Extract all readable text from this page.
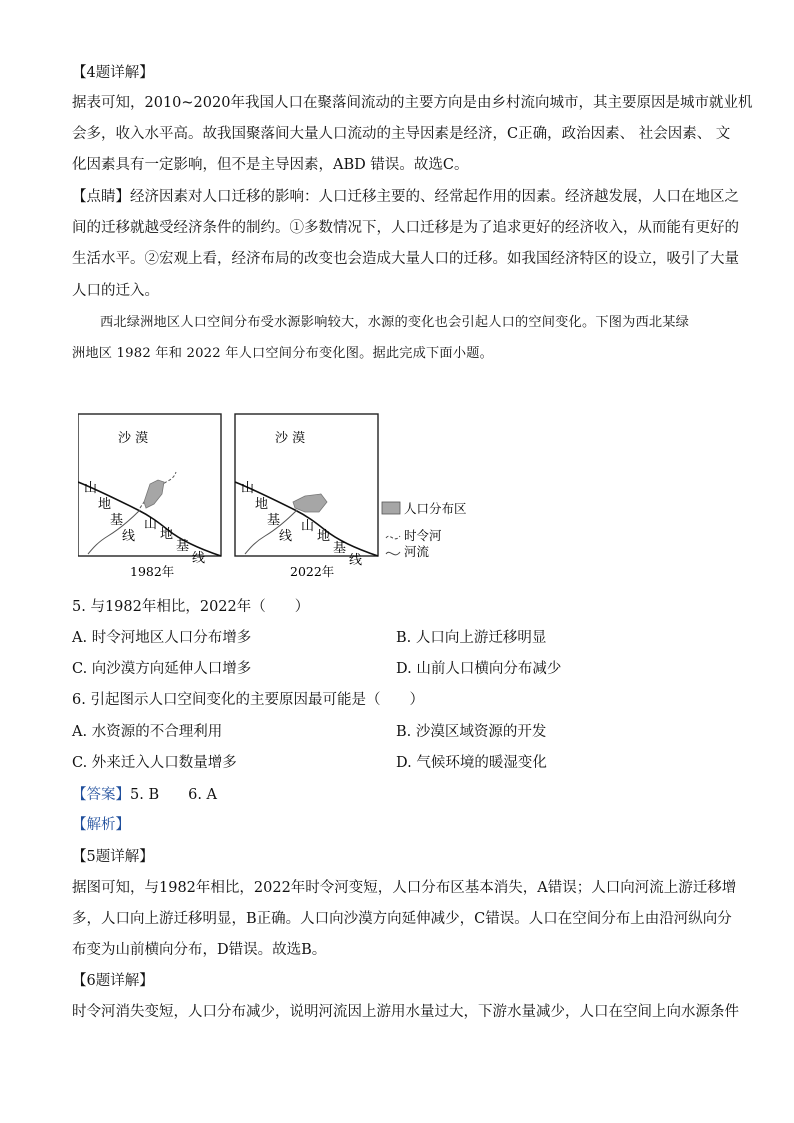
【4题详解】
据表可知，2010~2020年我国人口在聚落间流动的主要方向是由乡村流向城市，其主要原因是城市就业机
会多，收入水平高。故我国聚落间大量人口流动的主导因素是经济，C正确，政治因素、 社会因素、 文
化因素具有一定影响，但不是主导因素，ABD 错误。故选C。
【点睛】经济因素对人口迁移的影响：人口迁移主要的、经常起作用的因素。经济越发展，人口在地区之
间的迁移就越受经济条件的制约。①多数情况下，人口迁移是为了追求更好的经济收入，从而能有更好的
生活水平。②宏观上看，经济布局的改变也会造成大量人口的迁移。如我国经济特区的设立，吸引了大量
人口的迁入。
西北绿洲地区人口空间分布受水源影响较大，水源的变化也会引起人口的空间变化。下图为西北某绿
洲地区 1982 年和 2022 年人口空间分布变化图。据此完成下面小题。
沙 漠
山
地
基
线
山
地
基
线
沙 漠
山
地
基
线
山
地
基
线
人口分布区
时令河
河流
1982年	2022年
5. 与1982年相比，2022年（　　）
A. 时令河地区人口分布增多	B. 人口向上游迁移明显
C. 向沙漠方向延伸人口增多	D. 山前人口横向分布减少
6. 引起图示人口空间变化的主要原因最可能是（　　）
A. 水资源的不合理利用	B. 沙漠区域资源的开发
C. 外来迁入人口数量增多	D. 气候环境的暖湿变化
【答案】5. B　　6. A
【解析】
【5题详解】
据图可知，与1982年相比，2022年时令河变短，人口分布区基本消失，A错误；人口向河流上游迁移增
多，人口向上游迁移明显，B正确。人口向沙漠方向延伸减少，C错误。人口在空间分布上由沿河纵向分
布变为山前横向分布，D错误。故选B。
【6题详解】
时令河消失变短，人口分布减少，说明河流因上游用水量过大，下游水量减少，人口在空间上向水源条件
